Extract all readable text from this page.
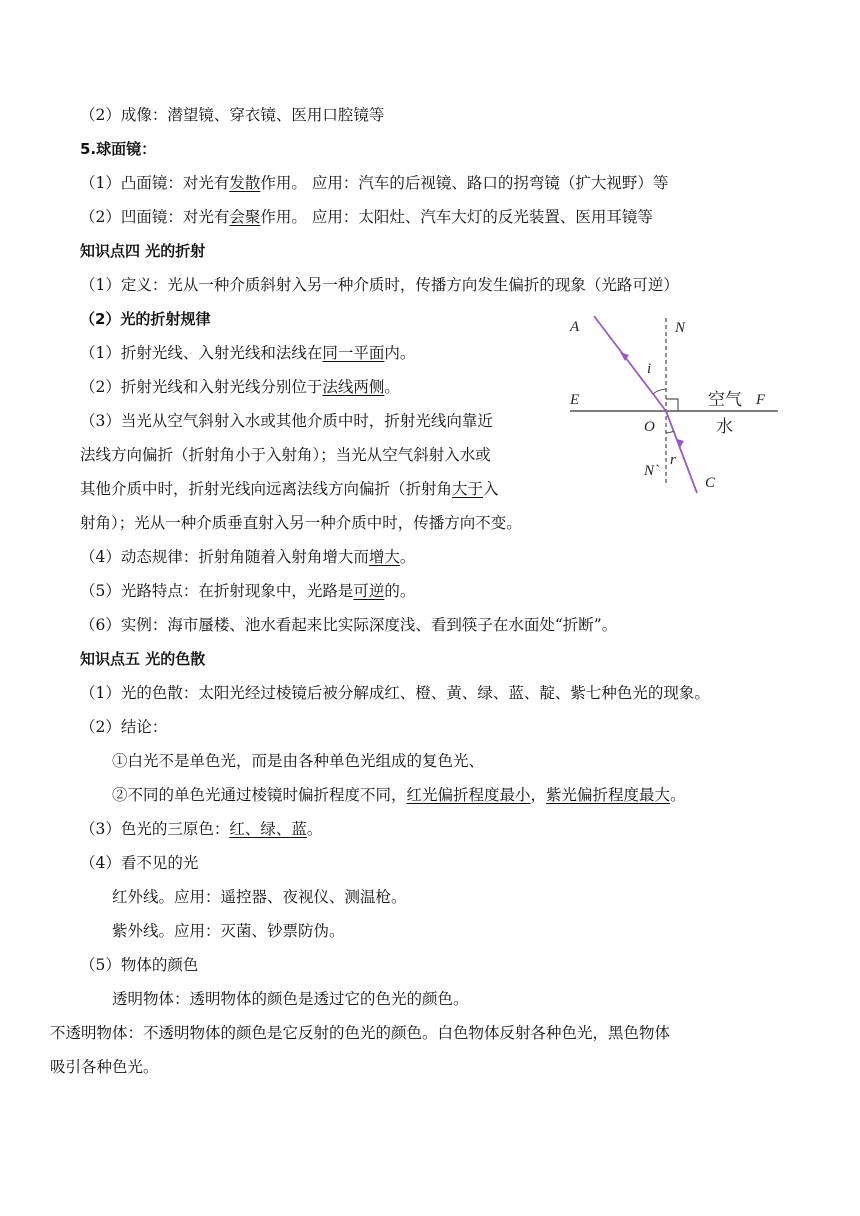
（2）成像：潜望镜、穿衣镜、医用口腔镜等
5.球面镜：
（1）凸面镜：对光有发散作用。 应用：汽车的后视镜、路口的拐弯镜（扩大视野）等
（2）凹面镜：对光有会聚作用。 应用：太阳灶、汽车大灯的反光装置、医用耳镜等
知识点四 光的折射
（1）定义：光从一种介质斜射入另一种介质时，传播方向发生偏折的现象（光路可逆）
（2）光的折射规律
（1）折射光线、入射光线和法线在同一平面内。
（2）折射光线和入射光线分别位于法线两侧。
（3）当光从空气斜射入水或其他介质中时，折射光线向靠近
法线方向偏折（折射角小于入射角）；当光从空气斜射入水或
其他介质中时，折射光线向远离法线方向偏折（折射角大于入
射角）；光从一种介质垂直射入另一种介质中时，传播方向不变。
（4）动态规律：折射角随着入射角增大而增大。
（5）光路特点：在折射现象中，光路是可逆的。
（6）实例：海市蜃楼、池水看起来比实际深度浅、看到筷子在水面处“折断”。
知识点五 光的色散
（1）光的色散：太阳光经过棱镜后被分解成红、橙、黄、绿、蓝、靛、紫七种色光的现象。
（2）结论：
①白光不是单色光，而是由各种单色光组成的复色光、
②不同的单色光通过棱镜时偏折程度不同，红光偏折程度最小，紫光偏折程度最大。
（3）色光的三原色：红、绿、蓝。
（4）看不见的光
红外线。应用：遥控器、夜视仪、测温枪。
紫外线。应用：灭菌、钞票防伪。
（5）物体的颜色
透明物体：透明物体的颜色是透过它的色光的颜色。
不透明物体：不透明物体的颜色是它反射的色光的颜色。白色物体反射各种色光，黑色物体
吸引各种色光。
A	N
i
E	空气 F
O	水
N`
r
C
